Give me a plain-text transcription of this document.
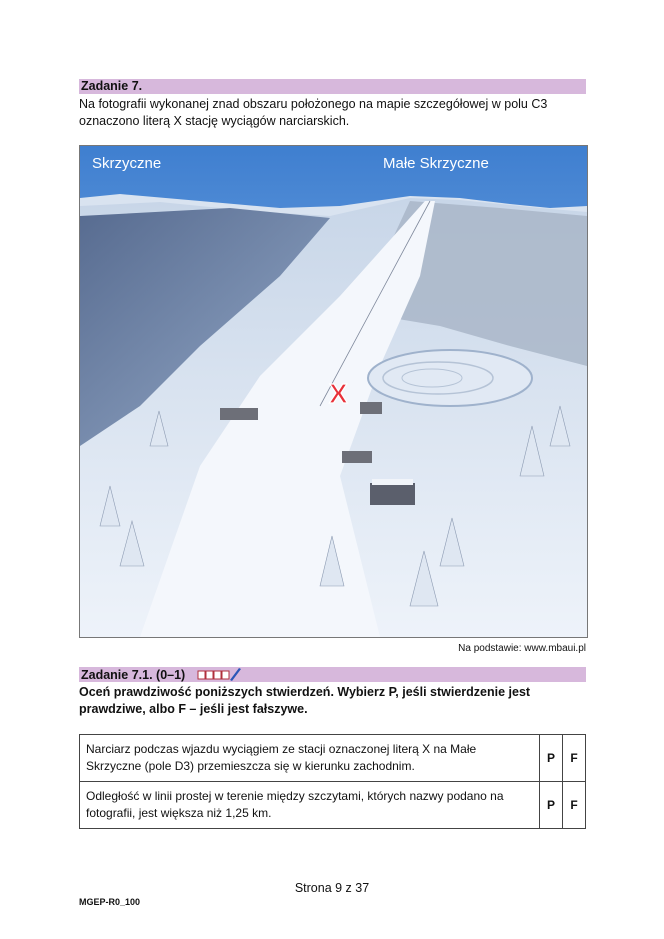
Zadanie 7.
Na fotografii wykonanej znad obszaru położonego na mapie szczegółowej w polu C3 oznaczono literą X stację wyciągów narciarskich.
Skrzyczne	Małe Skrzyczne
X
Na podstawie: www.mbaui.pl
Zadanie 7.1. (0–1)
Oceń prawdziwość poniższych stwierdzeń. Wybierz P, jeśli stwierdzenie jest prawdziwe, albo F – jeśli jest fałszywe.
Narciarz podczas wjazdu wyciągiem ze stacji oznaczonej literą X na Małe Skrzyczne (pole D3) przemieszcza się w kierunku zachodnim.	P	F
Odległość w linii prostej w terenie między szczytami, których nazwy podano na fotografii, jest większa niż 1,25 km.	P	F
Strona 9 z 37
MGEP-R0_100
